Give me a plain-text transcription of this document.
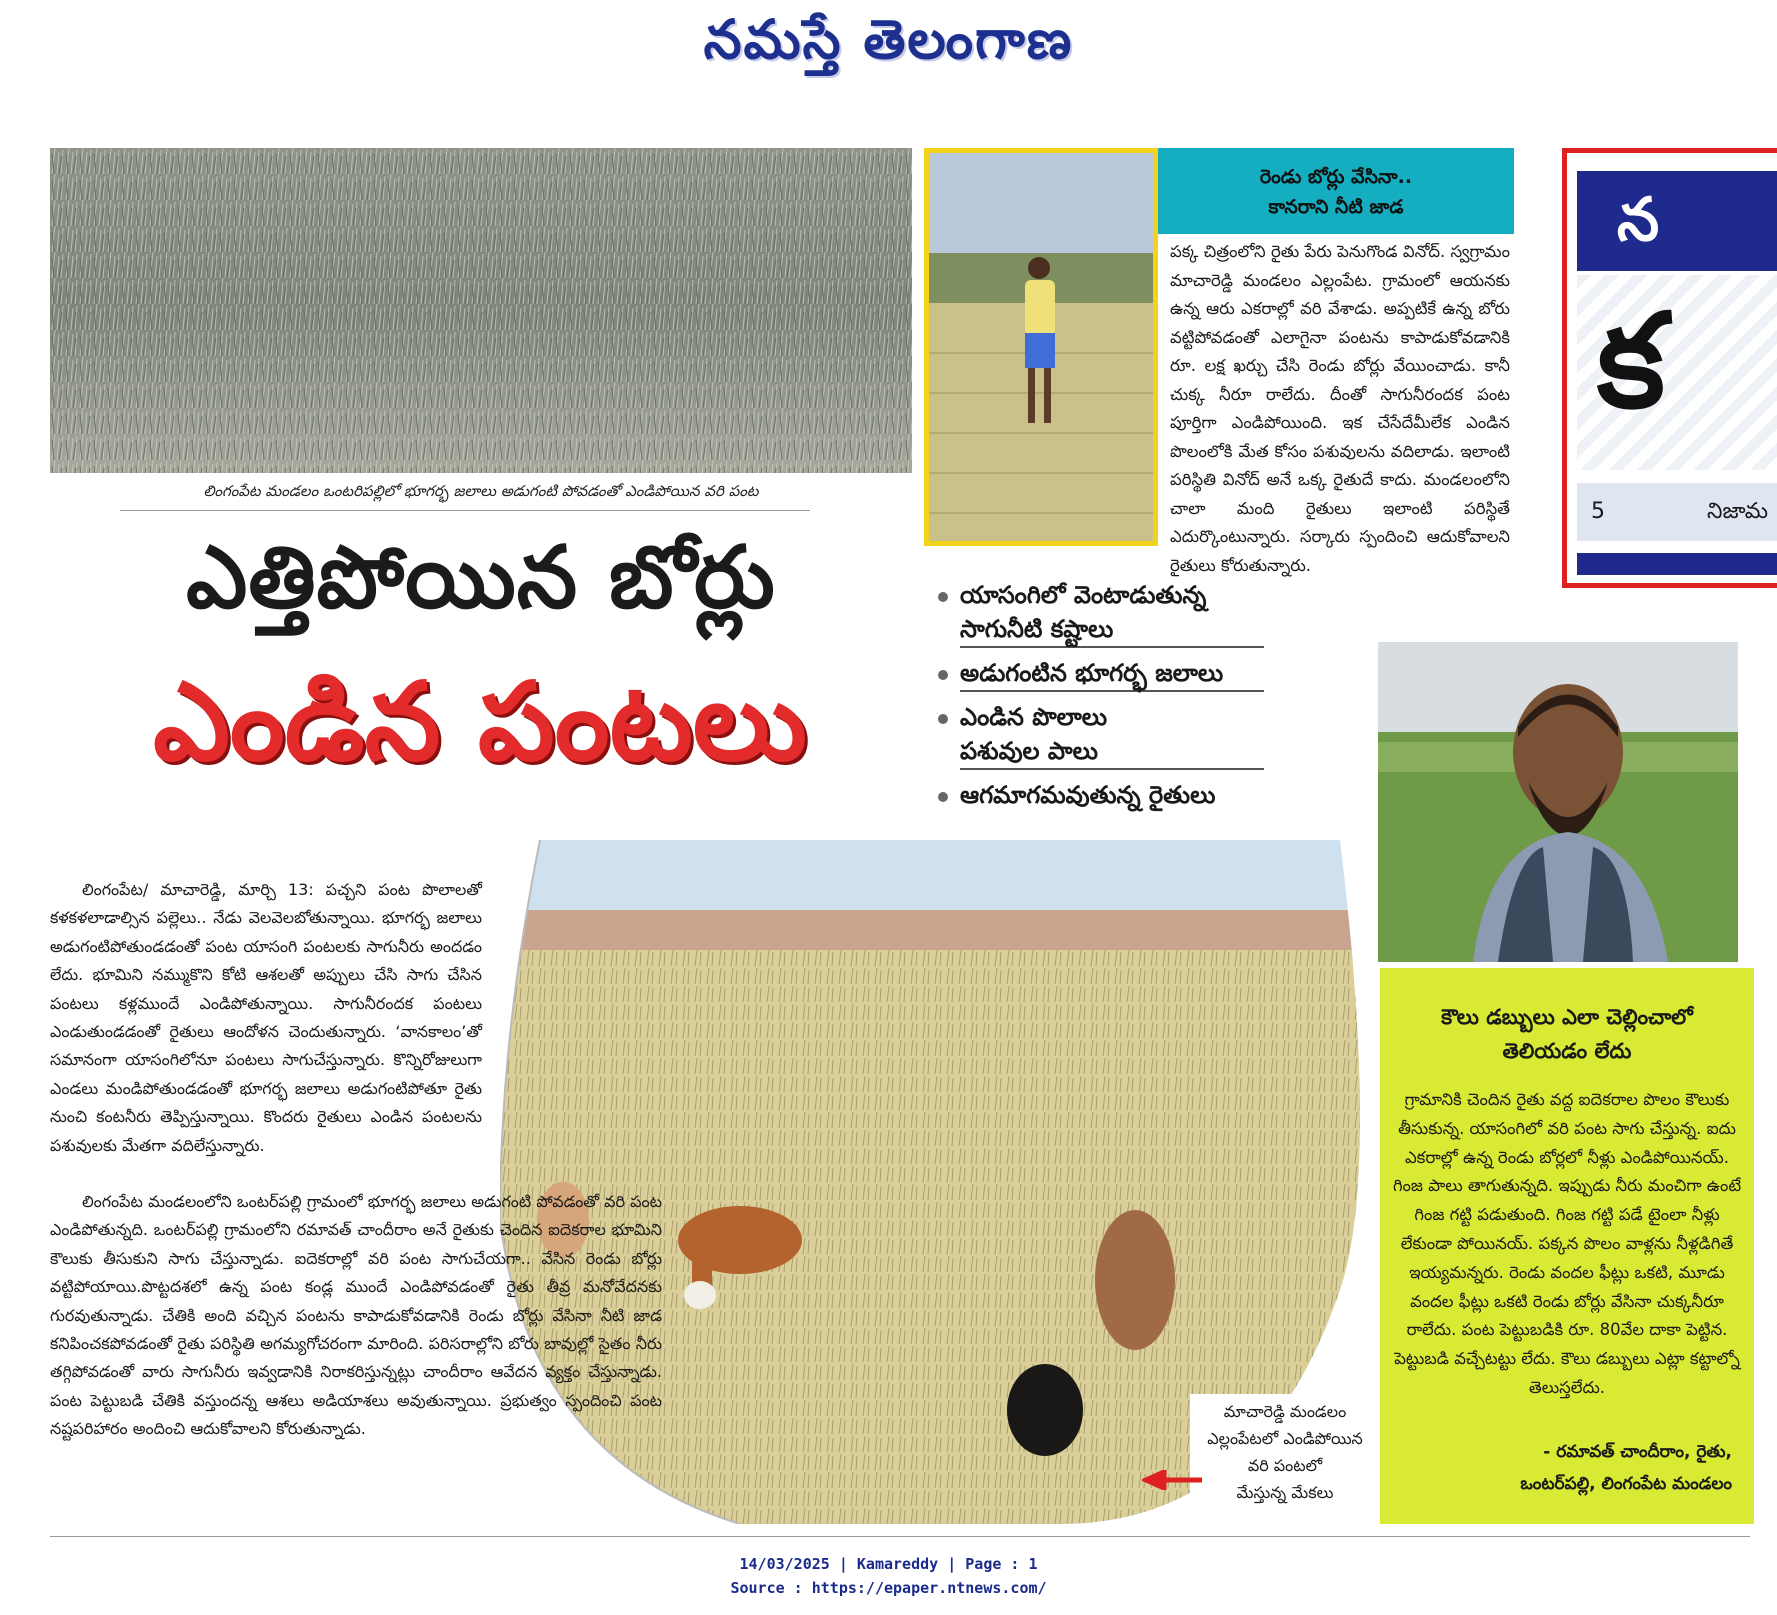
నమస్తే తెలంగాణ
లింగంపేట మండలం ఒంటరిపల్లిలో భూగర్భ జలాలు అడుగంటి పోవడంతో ఎండిపోయిన వరి పంట
ఎత్తిపోయిన బోర్లు
ఎండిన పంటలు
రెండు బోర్లు వేసినా..
కానరాని నీటి జాడ
పక్క చిత్రంలోని రైతు పేరు పెనుగొండ వినోద్. స్వగ్రామం మాచారెడ్డి మండలం ఎల్లంపేట. గ్రామంలో ఆయనకు ఉన్న ఆరు ఎకరాల్లో వరి వేశాడు. అప్పటికే ఉన్న బోరు వట్టిపోవడంతో ఎలాగైనా పంటను కాపాడుకోవడానికి రూ. లక్ష ఖర్చు చేసి రెండు బోర్లు వేయించాడు. కానీ చుక్క నీరూ రాలేదు. దీంతో సాగునీరందక పంట పూర్తిగా ఎండిపోయింది. ఇక చేసేదేమీలేక ఎండిన పొలంలోకి మేత కోసం పశువులను వదిలాడు. ఇలాంటి పరిస్థితి వినోద్ అనే ఒక్క రైతుదే కాదు. మండలంలోని చాలా మంది రైతులు ఇలాంటి పరిస్థితే ఎదుర్కొంటున్నారు. సర్కారు స్పందించి ఆదుకోవాలని రైతులు కోరుతున్నారు.
న
క
5	నిజామ
యాసంగిలో వెంటాడుతున్న
సాగునీటి కష్టాలు
అడుగంటిన భూగర్భ జలాలు
ఎండిన పొలాలు
పశువుల పాలు
ఆగమాగమవుతున్న రైతులు
కౌలు డబ్బులు ఎలా చెల్లించాలో
తెలియడం లేదు
గ్రామానికి చెందిన రైతు వద్ద ఐదెకరాల పొలం కౌలుకు తీసుకున్న. యాసంగిలో వరి పంట సాగు చేస్తున్న. ఐదు ఎకరాల్లో ఉన్న రెండు బోర్లలో నీళ్లు ఎండిపోయినయ్. గింజ పాలు తాగుతున్నది. ఇప్పుడు నీరు మంచిగా ఉంటే గింజ గట్టి పడుతుంది. గింజ గట్టి పడే టైంలా నీళ్లు లేకుండా పోయినయ్. పక్కన పొలం వాళ్లను నీళ్లడిగితే ఇయ్యమన్నరు. రెండు వందల ఫీట్లు ఒకటి, మూడు వందల ఫీట్లు ఒకటి రెండు బోర్లు వేసినా చుక్కనీరూ రాలేదు. పంట పెట్టుబడికి రూ. 80వేల దాకా పెట్టిన. పెట్టుబడి వచ్చేటట్టు లేదు. కౌలు డబ్బులు ఎట్లా కట్టాల్నో తెలుస్తలేదు.
- రమావత్ చాందీరాం, రైతు,
ఒంటర్‌పల్లి, లింగంపేట మండలం
మాచారెడ్డి మండలం
ఎల్లంపేటలో ఎండిపోయిన
వరి పంటలో
మేస్తున్న మేకలు

లింగంపేట/ మాచారెడ్డి, మార్చి 13: పచ్చని పంట పొలాలతో కళకళలాడాల్సిన పల్లెలు.. నేడు వెలవెలబోతున్నాయి. భూగర్భ జలాలు అడుగంటిపోతుండడంతో పంట యాసంగి పంటలకు సాగునీరు అందడం లేదు. భూమిని నమ్ముకొని కోటి ఆశలతో అప్పులు చేసి సాగు చేసిన పంటలు కళ్లముందే ఎండిపోతున్నాయి. సాగునీరందక పంటలు ఎండుతుండడంతో రైతులు ఆందోళన చెందుతున్నారు. ‘వానకాలం’తో సమానంగా యాసంగిలోనూ పంటలు సాగుచేస్తున్నారు. కొన్నిరోజులుగా ఎండలు మండిపోతుండడంతో భూగర్భ జలాలు అడుగంటిపోతూ రైతు నుంచి కంటనీరు తెప్పిస్తున్నాయి. కొందరు రైతులు ఎండిన పంటలను పశువులకు మేతగా వదిలేస్తున్నారు.

లింగంపేట మండలంలోని ఒంటర్‌పల్లి గ్రామంలో భూగర్భ జలాలు అడుగంటి పోవడంతో వరి పంట ఎండిపోతున్నది. ఒంటర్‌పల్లి గ్రామంలోని రమావత్ చాందీరాం అనే రైతుకు చెందిన ఐదెకరాల భూమిని కౌలుకు తీసుకుని సాగు చేస్తున్నాడు. ఐదెకరాల్లో వరి పంట సాగుచేయగా.. వేసిన రెండు బోర్లు వట్టిపోయాయి.పొట్టదశలో ఉన్న పంట కండ్ల ముందే ఎండిపోవడంతో రైతు తీవ్ర మనోవేదనకు గురవుతున్నాడు. చేతికి అంది వచ్చిన పంటను కాపాడుకోవడానికి రెండు బోర్లు వేసినా నీటి జాడ కనిపించకపోవడంతో రైతు పరిస్థితి అగమ్యగోచరంగా మారింది. పరిసరాల్లోని బోరు బావుల్లో సైతం నీరు తగ్గిపోవడంతో వారు సాగునీరు ఇవ్వడానికి నిరాకరిస్తున్నట్లు చాందీరాం ఆవేదన వ్యక్తం చేస్తున్నాడు. పంట పెట్టుబడి చేతికి వస్తుందన్న ఆశలు అడియాశలు అవుతున్నాయి. ప్రభుత్వం స్పందించి పంట నష్టపరిహారం అందించి ఆదుకోవాలని కోరుతున్నాడు.

14/03/2025 | Kamareddy | Page : 1
Source : https://epaper.ntnews.com/
